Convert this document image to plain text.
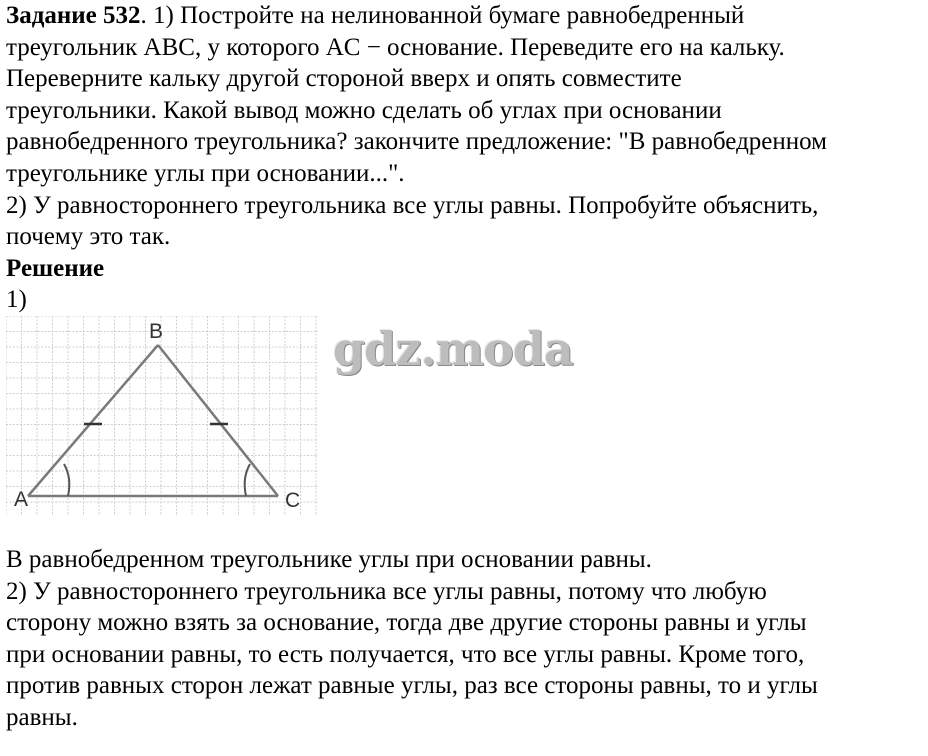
Задание 532. 1) Постройте на нелинованной бумаге равнобедренный
треугольник ABC, у которого AC − основание. Переведите его на кальку.
Переверните кальку другой стороной вверх и опять совместите
треугольники. Какой вывод можно сделать об углах при основании
равнобедренного треугольника? закончите предложение: "В равнобедренном
треугольнике углы при основании...".
2) У равностороннего треугольника все углы равны. Попробуйте объяснить,
почему это так.
Решение
1)
A
B
C
gdz.moda
В равнобедренном треугольнике углы при основании равны.
2) У равностороннего треугольника все углы равны, потому что любую
сторону можно взять за основание, тогда две другие стороны равны и углы
при основании равны, то есть получается, что все углы равны. Кроме того,
против равных сторон лежат равные углы, раз все стороны равны, то и углы
равны.
